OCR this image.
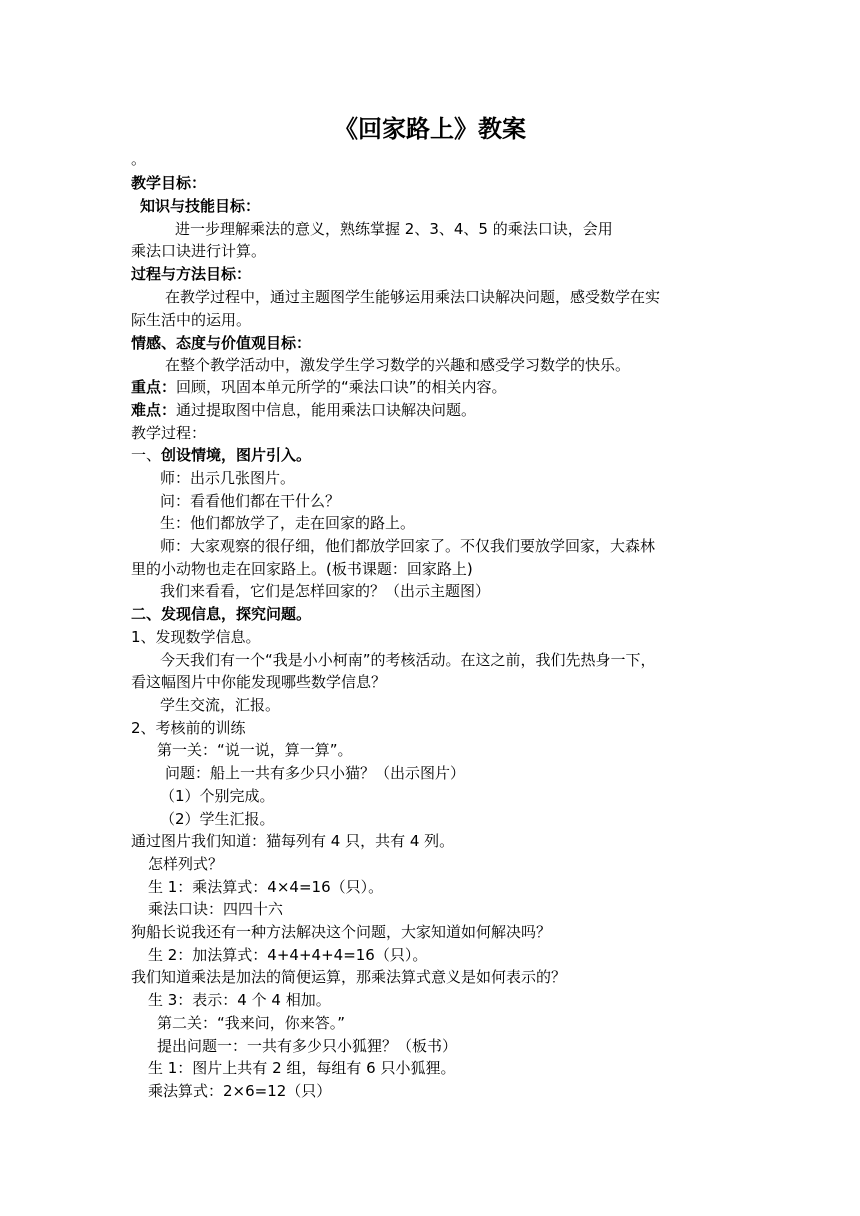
《回家路上》教案
。
教学目标：
知识与技能目标：
进一步理解乘法的意义，熟练掌握 2、3、4、5 的乘法口诀，会用
乘法口诀进行计算。
过程与方法目标：
在教学过程中，通过主题图学生能够运用乘法口诀解决问题，感受数学在实
际生活中的运用。
情感、态度与价值观目标：
在整个教学活动中，激发学生学习数学的兴趣和感受学习数学的快乐。
重点：回顾，巩固本单元所学的“乘法口诀”的相关内容。
难点：通过提取图中信息，能用乘法口诀解决问题。
教学过程：
一、创设情境，图片引入。
师：出示几张图片。
问：看看他们都在干什么？
生：他们都放学了，走在回家的路上。
师：大家观察的很仔细，他们都放学回家了。不仅我们要放学回家，大森林
里的小动物也走在回家路上。(板书课题：回家路上)
我们来看看，它们是怎样回家的？（出示主题图）
二、发现信息，探究问题。
1、发现数学信息。
今天我们有一个“我是小小柯南”的考核活动。在这之前，我们先热身一下，
看这幅图片中你能发现哪些数学信息？
学生交流，汇报。
2、考核前的训练
第一关：“说一说，算一算”。
问题：船上一共有多少只小猫？（出示图片）
（1）个别完成。
（2）学生汇报。
通过图片我们知道：猫每列有 4 只，共有 4 列。
怎样列式？
生 1：乘法算式：4×4=16（只）。
乘法口诀：四四十六
狗船长说我还有一种方法解决这个问题，大家知道如何解决吗？
生 2：加法算式：4+4+4+4=16（只）。
我们知道乘法是加法的简便运算，那乘法算式意义是如何表示的？
生 3：表示：4 个 4 相加。
第二关：“我来问，你来答。”
提出问题一：一共有多少只小狐狸？（板书）
生 1：图片上共有 2 组，每组有 6 只小狐狸。
乘法算式：2×6=12（只）
